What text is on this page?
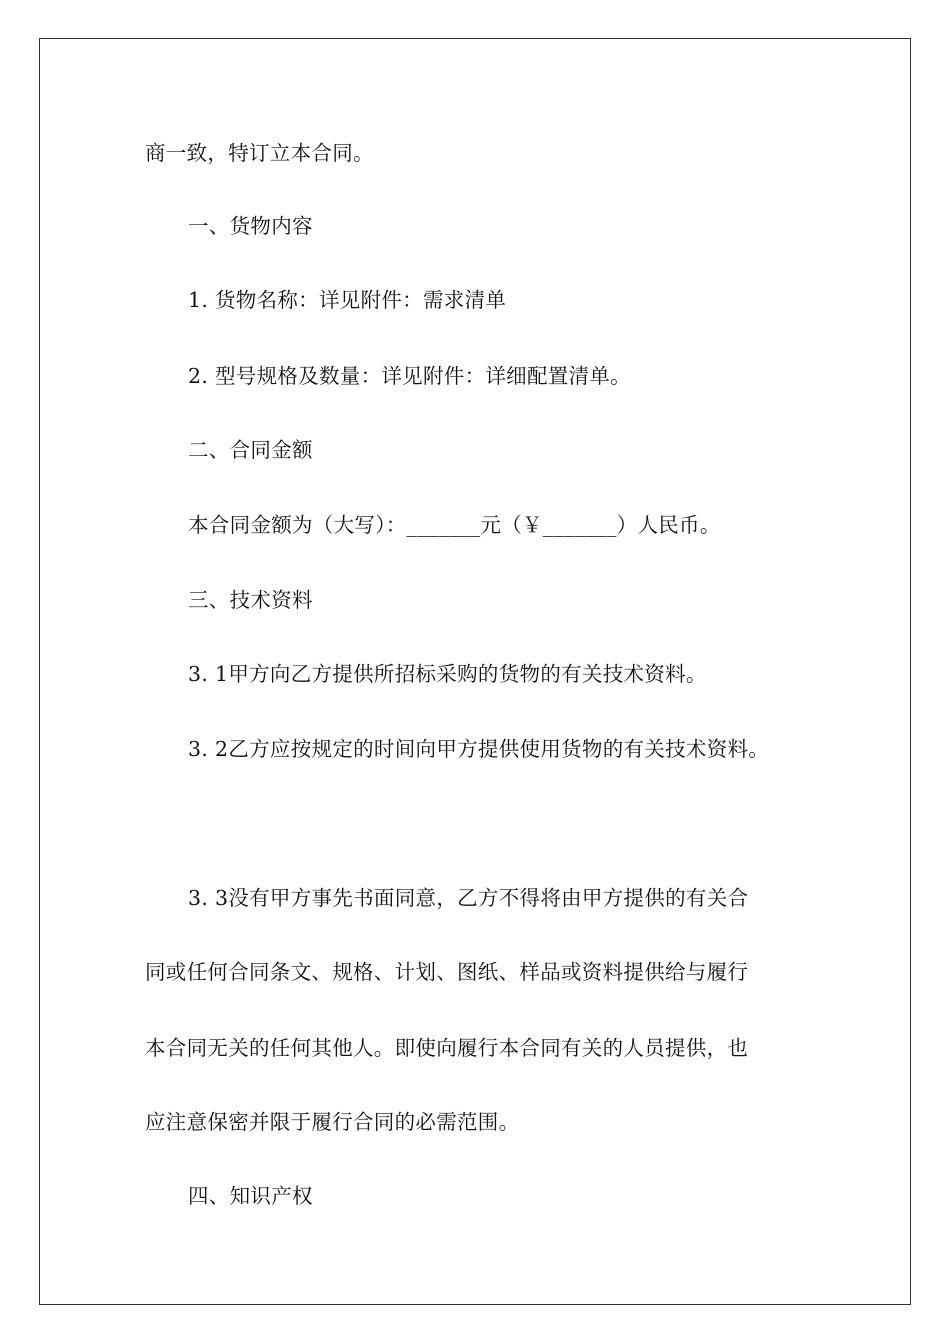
商一致，特订立本合同。
一、货物内容
1. 货物名称：详见附件：需求清单
2. 型号规格及数量：详见附件：详细配置清单。
二、合同金额
本合同金额为（大写）：_______元（￥_______）人民币。
三、技术资料
3. 1甲方向乙方提供所招标采购的货物的有关技术资料。
3. 2乙方应按规定的时间向甲方提供使用货物的有关技术资料。
3. 3没有甲方事先书面同意，乙方不得将由甲方提供的有关合
同或任何合同条文、规格、计划、图纸、样品或资料提供给与履行
本合同无关的任何其他人。即使向履行本合同有关的人员提供，也
应注意保密并限于履行合同的必需范围。
四、知识产权
